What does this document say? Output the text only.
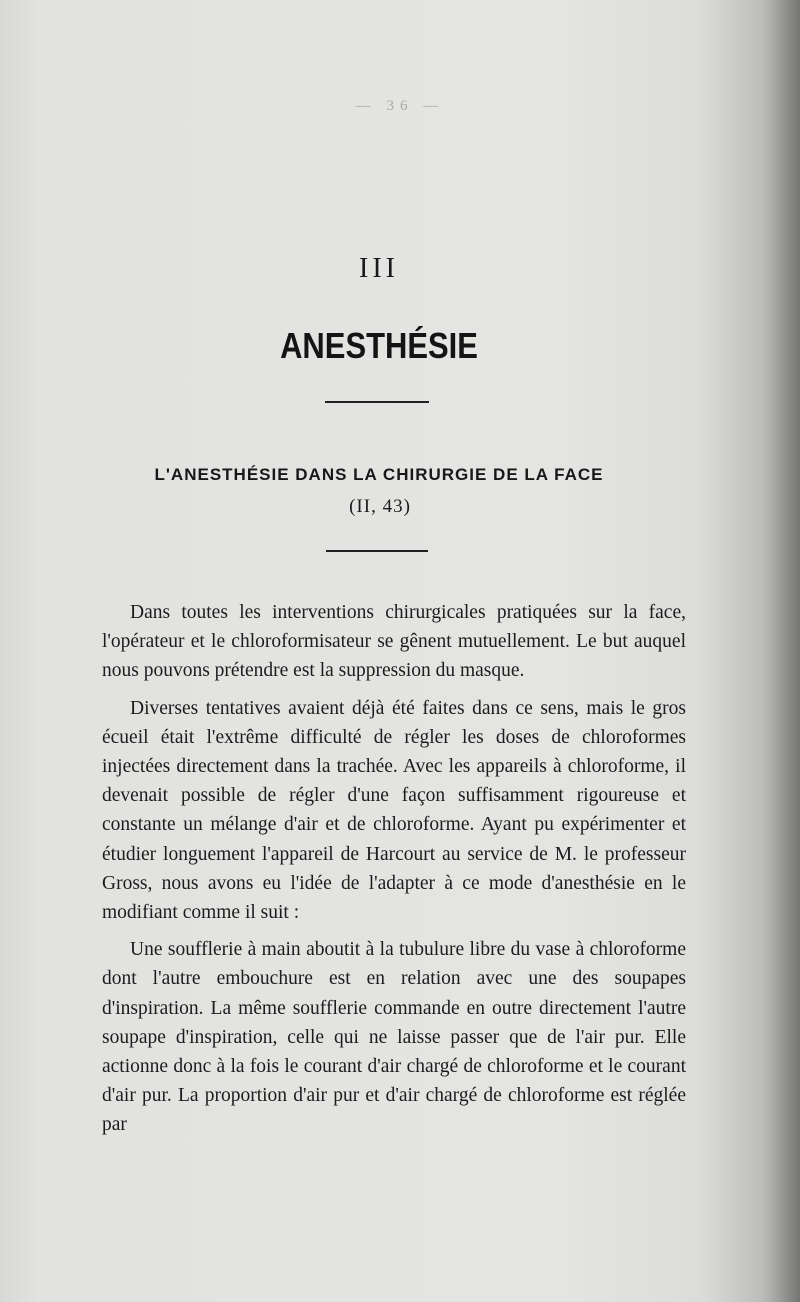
— 36 —
III
ANESTHÉSIE
L'ANESTHÉSIE DANS LA CHIRURGIE DE LA FACE
(II, 43)

Dans toutes les interventions chirurgicales pratiquées sur la face, l'opérateur et le chloroformisateur se gênent mutuellement. Le but auquel nous pouvons prétendre est la suppression du masque.

Diverses tentatives avaient déjà été faites dans ce sens, mais le gros écueil était l'extrême difficulté de régler les doses de chloroformes injectées directement dans la trachée. Avec les appareils à chloroforme, il devenait possible de régler d'une façon suffisamment rigoureuse et constante un mélange d'air et de chloroforme. Ayant pu expérimenter et étudier longuement l'appareil de Harcourt au service de M. le professeur Gross, nous avons eu l'idée de l'adapter à ce mode d'anesthésie en le modifiant comme il suit :

Une soufflerie à main aboutit à la tubulure libre du vase à chloroforme dont l'autre embouchure est en relation avec une des soupapes d'inspiration. La même soufflerie commande en outre directement l'autre soupape d'inspiration, celle qui ne laisse passer que de l'air pur. Elle actionne donc à la fois le courant d'air chargé de chloroforme et le courant d'air pur. La proportion d'air pur et d'air chargé de chloroforme est réglée par
